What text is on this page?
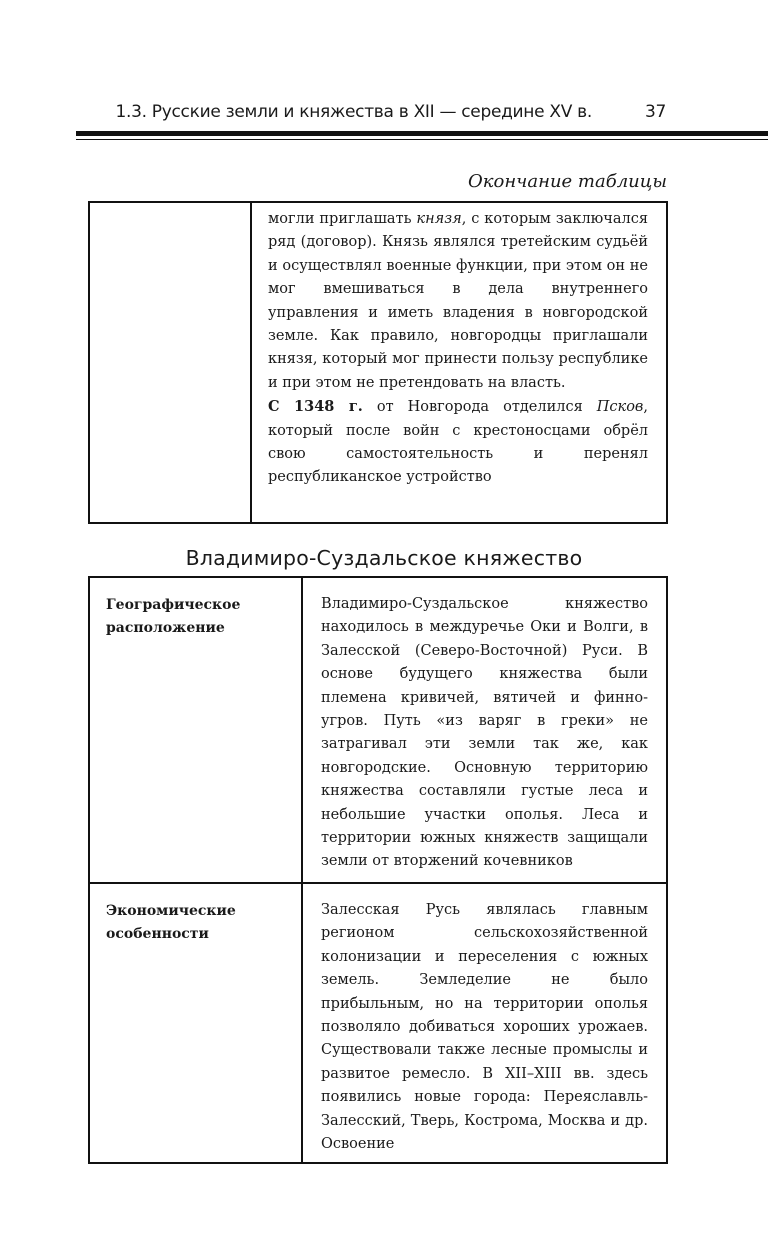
1.3. Русские земли и княжества в XII — середине XV в.	37
Окончание таблицы

могли приглашать князя, с которым заключался ряд (договор). Князь являлся третейским судьёй и осуществлял военные функции, при этом он не мог вмешиваться в дела внутреннего управления и иметь владения в новгородской земле. Как правило, новгородцы приглашали князя, который мог принести пользу республике и при этом не претендовать на власть.

С 1348 г. от Новгорода отделился Псков, который после войн с крестоносцами обрёл свою самостоятельность и перенял республиканское устройство

Владимиро-Суздальское княжество
Географическое расположение	Владимиро-Суздальское княжество находилось в междуречье Оки и Волги, в Залесской (Северо-Восточной) Руси. В основе будущего княжества были племена кривичей, вятичей и финно-угров. Путь «из варяг в греки» не затрагивал эти земли так же, как новгородские. Основную территорию княжества составляли густые леса и небольшие участки ополья. Леса и территории южных княжеств защищали земли от вторжений кочевников

Экономические особенности	Залесская Русь являлась главным регионом сельскохозяйственной колонизации и переселения с южных земель. Земледелие не было прибыльным, но на территории ополья позволяло добиваться хороших урожаев. Существовали также лесные промыслы и развитое ремесло. В XII–XIII вв. здесь появились новые города: Переяславль-Залесский, Тверь, Кострома, Москва и др. Освоение
